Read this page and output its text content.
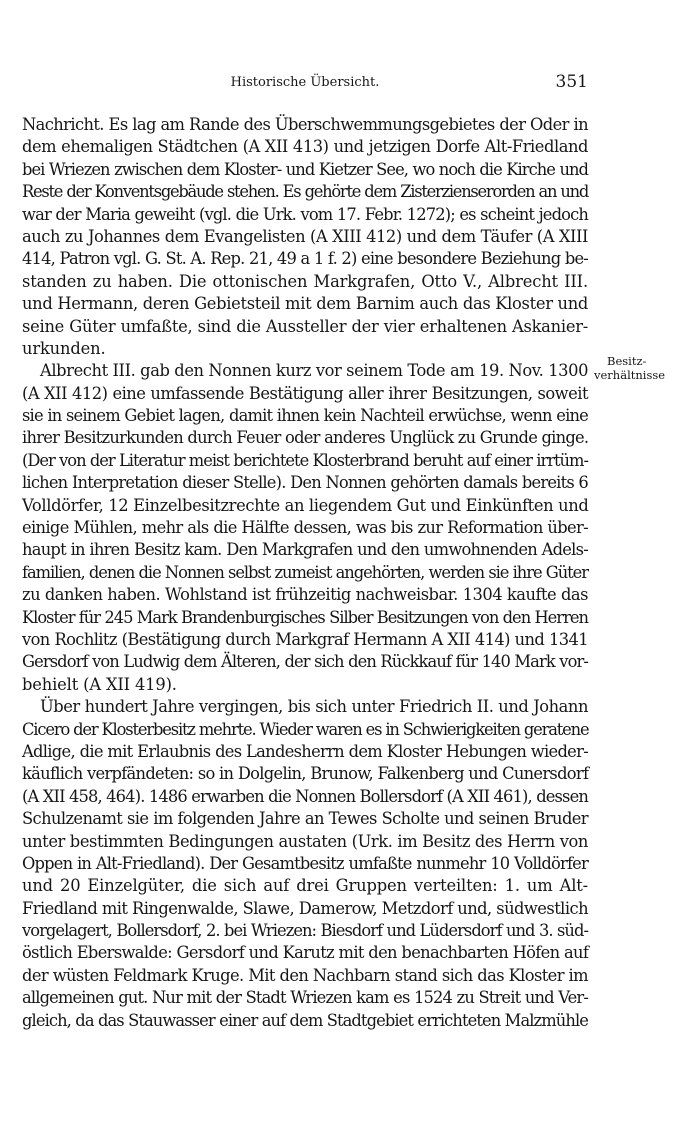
Historische Übersicht.	351
Besitz-
verhältnisse
Nachricht. Es lag am Rande des Überschwemmungsgebietes der Oder in
dem ehemaligen Städtchen (A XII 413) und jetzigen Dorfe Alt-Friedland
bei Wriezen zwischen dem Kloster- und Kietzer See, wo noch die Kirche und
Reste der Konventsgebäude stehen. Es gehörte dem Zisterzienserorden an und
war der Maria geweiht (vgl. die Urk. vom 17. Febr. 1272); es scheint jedoch
auch zu Johannes dem Evangelisten (A XIII 412) und dem Täufer (A XIII
414, Patron vgl. G. St. A. Rep. 21, 49 a 1 f. 2) eine besondere Beziehung be-
standen zu haben. Die ottonischen Markgrafen, Otto V., Albrecht III.
und Hermann, deren Gebietsteil mit dem Barnim auch das Kloster und
seine Güter umfaßte, sind die Aussteller der vier erhaltenen Askanier-
urkunden.
Albrecht III. gab den Nonnen kurz vor seinem Tode am 19. Nov. 1300
(A XII 412) eine umfassende Bestätigung aller ihrer Besitzungen, soweit
sie in seinem Gebiet lagen, damit ihnen kein Nachteil erwüchse, wenn eine
ihrer Besitzurkunden durch Feuer oder anderes Unglück zu Grunde ginge.
(Der von der Literatur meist berichtete Klosterbrand beruht auf einer irrtüm-
lichen Interpretation dieser Stelle). Den Nonnen gehörten damals bereits 6
Volldörfer, 12 Einzelbesitzrechte an liegendem Gut und Einkünften und
einige Mühlen, mehr als die Hälfte dessen, was bis zur Reformation über-
haupt in ihren Besitz kam. Den Markgrafen und den umwohnenden Adels-
familien, denen die Nonnen selbst zumeist angehörten, werden sie ihre Güter
zu danken haben. Wohlstand ist frühzeitig nachweisbar. 1304 kaufte das
Kloster für 245 Mark Brandenburgisches Silber Besitzungen von den Herren
von Rochlitz (Bestätigung durch Markgraf Hermann A XII 414) und 1341
Gersdorf von Ludwig dem Älteren, der sich den Rückkauf für 140 Mark vor-
behielt (A XII 419).
Über hundert Jahre vergingen, bis sich unter Friedrich II. und Johann
Cicero der Klosterbesitz mehrte. Wieder waren es in Schwierigkeiten geratene
Adlige, die mit Erlaubnis des Landesherrn dem Kloster Hebungen wieder-
käuflich verpfändeten: so in Dolgelin, Brunow, Falkenberg und Cunersdorf
(A XII 458, 464). 1486 erwarben die Nonnen Bollersdorf (A XII 461), dessen
Schulzenamt sie im folgenden Jahre an Tewes Scholte und seinen Bruder
unter bestimmten Bedingungen austaten (Urk. im Besitz des Herrn von
Oppen in Alt-Friedland). Der Gesamtbesitz umfaßte nunmehr 10 Volldörfer
und 20 Einzelgüter, die sich auf drei Gruppen verteilten: 1. um Alt-
Friedland mit Ringenwalde, Slawe, Damerow, Metzdorf und, südwestlich
vorgelagert, Bollersdorf, 2. bei Wriezen: Biesdorf und Lüdersdorf und 3. süd-
östlich Eberswalde: Gersdorf und Karutz mit den benachbarten Höfen auf
der wüsten Feldmark Kruge. Mit den Nachbarn stand sich das Kloster im
allgemeinen gut. Nur mit der Stadt Wriezen kam es 1524 zu Streit und Ver-
gleich, da das Stauwasser einer auf dem Stadtgebiet errichteten Malzmühle
